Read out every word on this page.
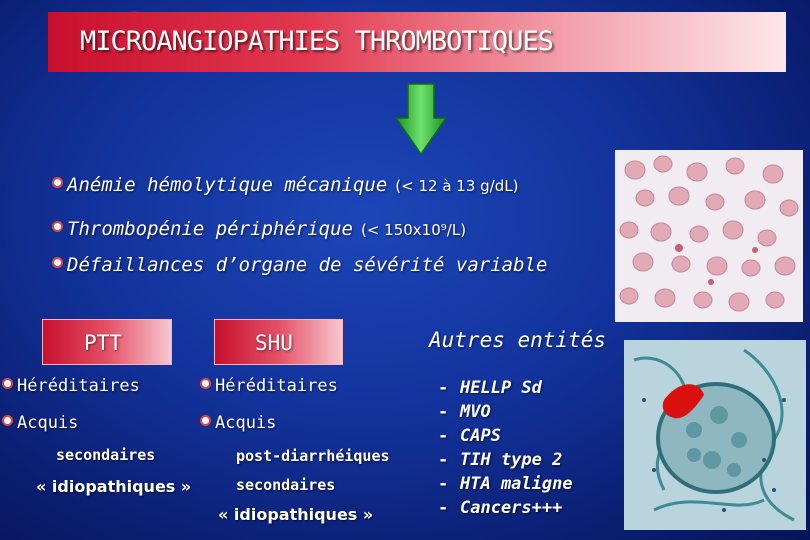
MICROANGIOPATHIES THROMBOTIQUES
Anémie hémolytique mécanique (< 12 à 13 g/dL)
Thrombopénie périphérique (< 150x10⁹/L)
Défaillances d’organe de sévérité variable
PTT	SHU
Héréditaires
Acquis
secondaires
« idiopathiques »
Héréditaires
Acquis
post-diarrhéiques
secondaires
« idiopathiques »
Autres entités
- HELLP Sd
- MVO
- CAPS
- TIH type 2
- HTA maligne
- Cancers+++
